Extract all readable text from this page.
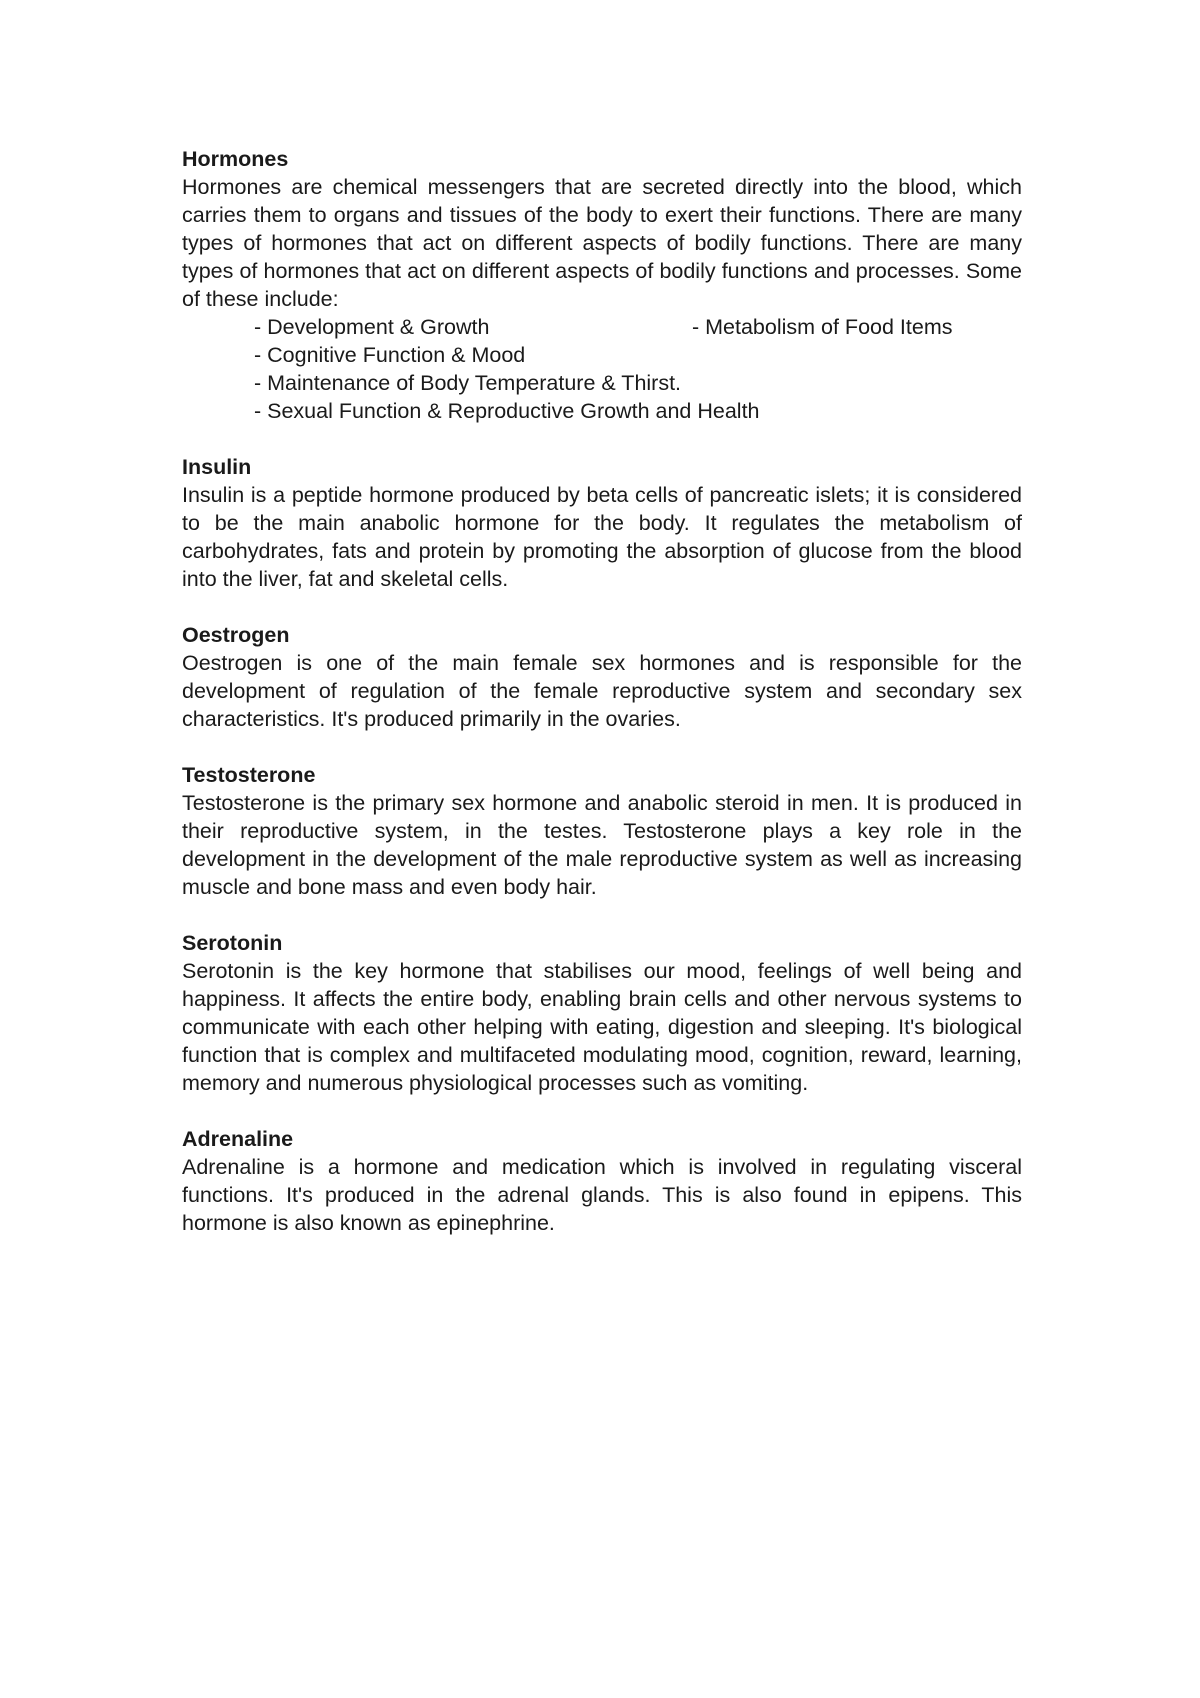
Hormones

Hormones are chemical messengers that are secreted directly into the blood, which carries them to organs and tissues of the body to exert their functions. There are many types of hormones that act on different aspects of bodily functions. There are many types of hormones that act on different aspects of bodily functions and processes. Some of these include:

- Development & Growth	- Metabolism of Food Items
- Cognitive Function & Mood
- Maintenance of Body Temperature & Thirst.
- Sexual Function & Reproductive Growth and Health

Insulin

Insulin is a peptide hormone produced by beta cells of pancreatic islets; it is considered to be the main anabolic hormone for the body. It regulates the metabolism of carbohydrates, fats and protein by promoting the absorption of glucose from the blood into the liver, fat and skeletal cells.

Oestrogen

Oestrogen is one of the main female sex hormones and is responsible for the development of regulation of the female reproductive system and secondary sex characteristics. It's produced primarily in the ovaries.

Testosterone

Testosterone is the primary sex hormone and anabolic steroid in men. It is produced in their reproductive system, in the testes. Testosterone plays a key role in the development in the development of the male reproductive system as well as increasing muscle and bone mass and even body hair.

Serotonin

Serotonin is the key hormone that stabilises our mood, feelings of well being and happiness. It affects the entire body, enabling brain cells and other nervous systems to communicate with each other helping with eating, digestion and sleeping. It's biological function that is complex and multifaceted modulating mood, cognition, reward, learning, memory and numerous physiological processes such as vomiting.

Adrenaline

Adrenaline is a hormone and medication which is involved in regulating visceral functions. It's produced in the adrenal glands. This is also found in epipens. This hormone is also known as epinephrine.
